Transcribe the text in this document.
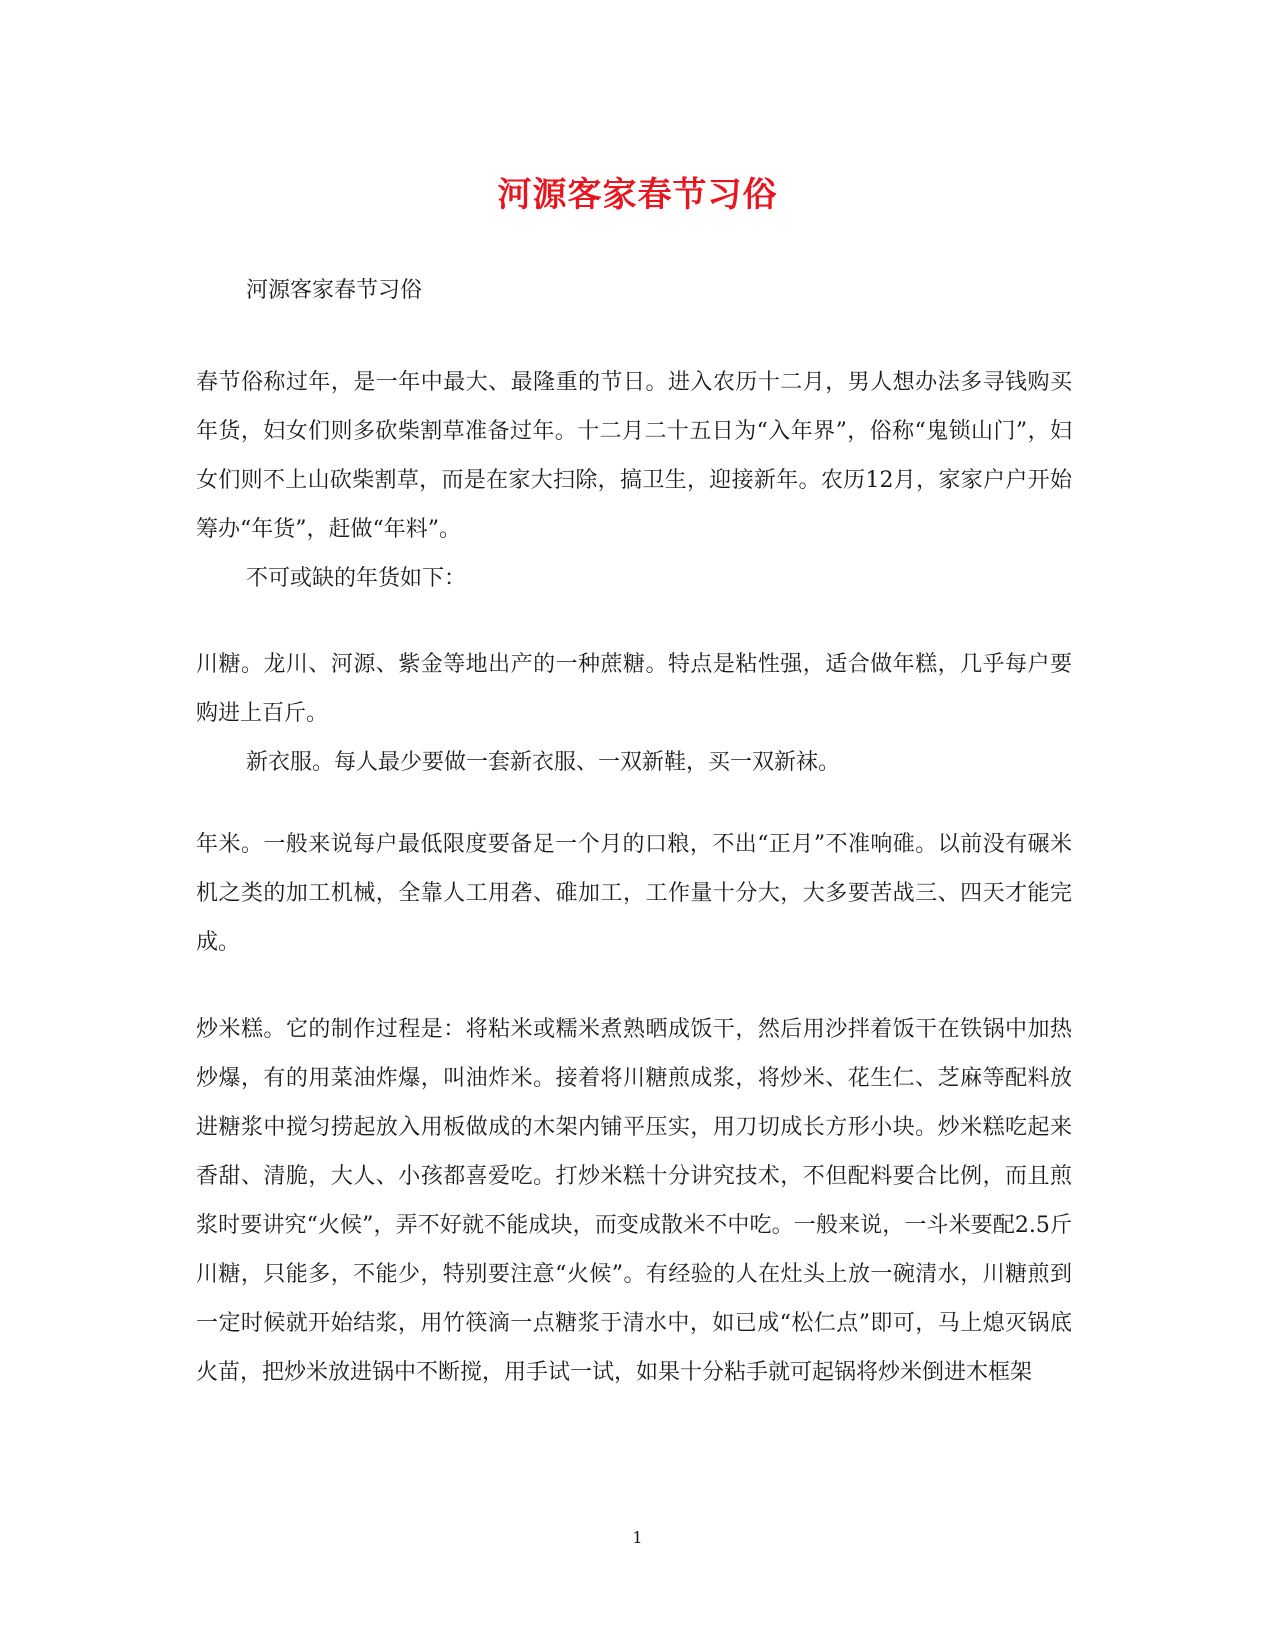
河源客家春节习俗
河源客家春节习俗

春节俗称过年，是一年中最大、最隆重的节日。进入农历十二月，男人想办法多寻钱购买年货，妇女们则多砍柴割草准备过年。十二月二十五日为“入年界”，俗称“鬼锁山门”，妇女们则不上山砍柴割草，而是在家大扫除，搞卫生，迎接新年。农历12月，家家户户开始筹办“年货”，赶做“年料”。

不可或缺的年货如下：

川糖。龙川、河源、紫金等地出产的一种蔗糖。特点是粘性强，适合做年糕，几乎每户要购进上百斤。

新衣服。每人最少要做一套新衣服、一双新鞋，买一双新袜。

年米。一般来说每户最低限度要备足一个月的口粮，不出“正月”不准响碓。以前没有碾米机之类的加工机械，全靠人工用砻、碓加工，工作量十分大，大多要苦战三、四天才能完成。

炒米糕。它的制作过程是：将粘米或糯米煮熟晒成饭干，然后用沙拌着饭干在铁锅中加热炒爆，有的用菜油炸爆，叫油炸米。接着将川糖煎成浆，将炒米、花生仁、芝麻等配料放进糖浆中搅匀捞起放入用板做成的木架内铺平压实，用刀切成长方形小块。炒米糕吃起来香甜、清脆，大人、小孩都喜爱吃。打炒米糕十分讲究技术，不但配料要合比例，而且煎浆时要讲究“火候”，弄不好就不能成块，而变成散米不中吃。一般来说，一斗米要配2.5斤川糖，只能多，不能少，特别要注意“火候”。有经验的人在灶头上放一碗清水，川糖煎到一定时候就开始结浆，用竹筷滴一点糖浆于清水中，如已成“松仁点”即可，马上熄灭锅底火苗，把炒米放进锅中不断搅，用手试一试，如果十分粘手就可起锅将炒米倒进木框架

1
